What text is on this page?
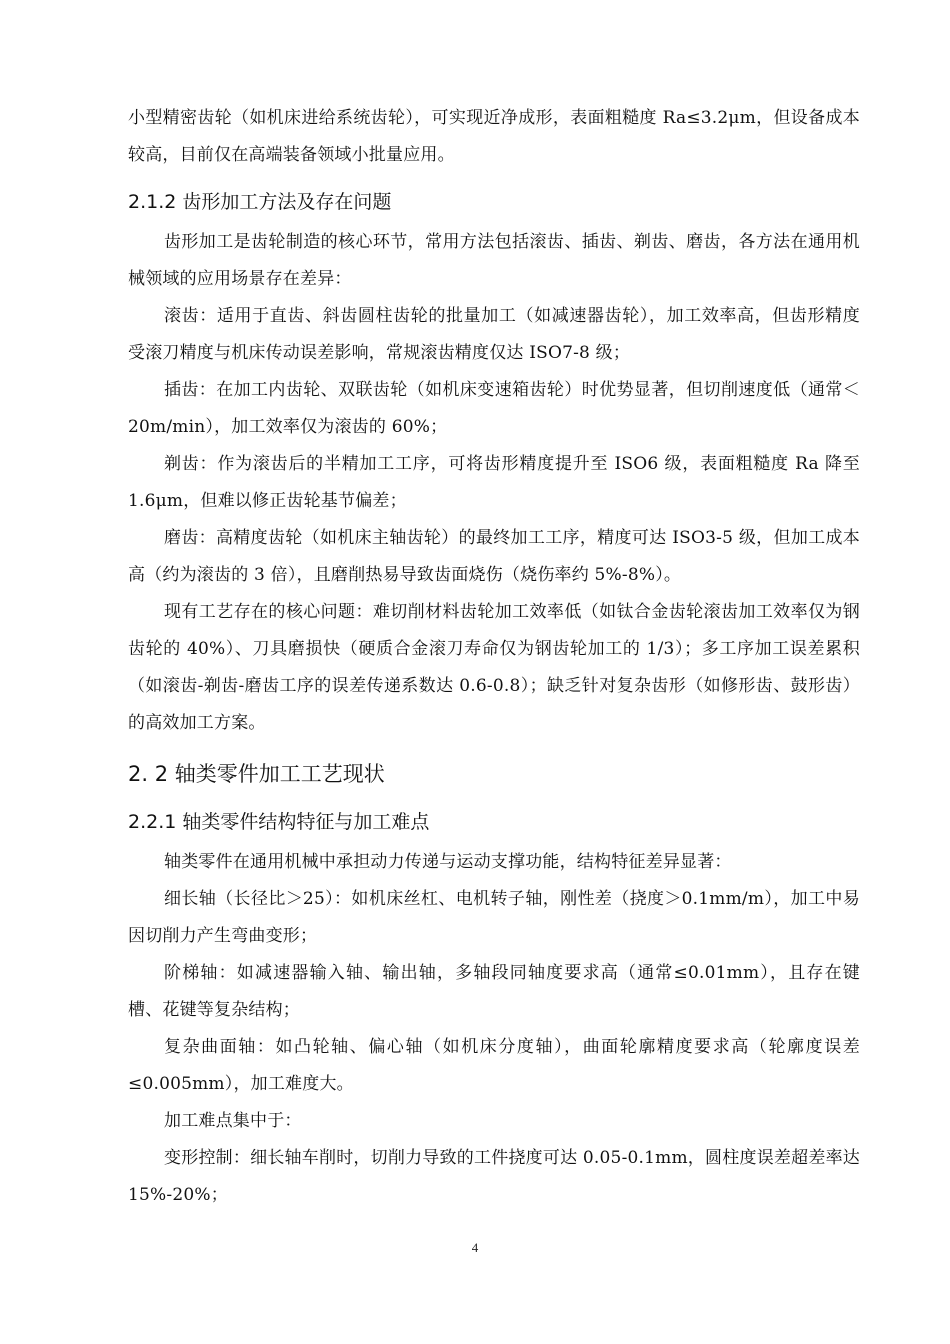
小型精密齿轮（如机床进给系统齿轮），可实现近净成形，表面粗糙度 Ra≤3.2μm，但设备成本较高，目前仅在高端装备领域小批量应用。

2.1.2 齿形加工方法及存在问题

齿形加工是齿轮制造的核心环节，常用方法包括滚齿、插齿、剃齿、磨齿，各方法在通用机械领域的应用场景存在差异：

滚齿：适用于直齿、斜齿圆柱齿轮的批量加工（如减速器齿轮），加工效率高，但齿形精度受滚刀精度与机床传动误差影响，常规滚齿精度仅达 ISO7-8 级；

插齿：在加工内齿轮、双联齿轮（如机床变速箱齿轮）时优势显著，但切削速度低（通常＜20m/min），加工效率仅为滚齿的 60%；

剃齿：作为滚齿后的半精加工工序，可将齿形精度提升至 ISO6 级，表面粗糙度 Ra 降至 1.6μm，但难以修正齿轮基节偏差；

磨齿：高精度齿轮（如机床主轴齿轮）的最终加工工序，精度可达 ISO3-5 级，但加工成本高（约为滚齿的 3 倍），且磨削热易导致齿面烧伤（烧伤率约 5%-8%）。

现有工艺存在的核心问题：难切削材料齿轮加工效率低（如钛合金齿轮滚齿加工效率仅为钢齿轮的 40%）、刀具磨损快（硬质合金滚刀寿命仅为钢齿轮加工的 1/3）；多工序加工误差累积（如滚齿-剃齿-磨齿工序的误差传递系数达 0.6-0.8）；缺乏针对复杂齿形（如修形齿、鼓形齿）的高效加工方案。

2. 2 轴类零件加工工艺现状
2.2.1 轴类零件结构特征与加工难点

轴类零件在通用机械中承担动力传递与运动支撑功能，结构特征差异显著：

细长轴（长径比＞25）：如机床丝杠、电机转子轴，刚性差（挠度＞0.1mm/m），加工中易因切削力产生弯曲变形；

阶梯轴：如减速器输入轴、输出轴，多轴段同轴度要求高（通常≤0.01mm），且存在键槽、花键等复杂结构；

复杂曲面轴：如凸轮轴、偏心轴（如机床分度轴），曲面轮廓精度要求高（轮廓度误差≤0.005mm），加工难度大。

加工难点集中于：

变形控制：细长轴车削时，切削力导致的工件挠度可达 0.05-0.1mm，圆柱度误差超差率达 15%-20%；

4
